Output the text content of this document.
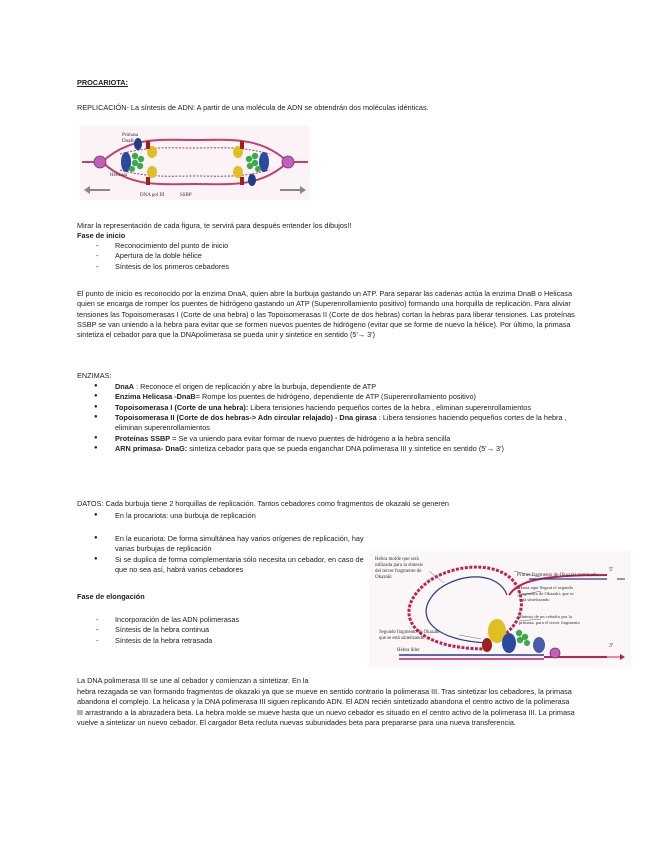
PROCARIOTA:
REPLICACIÓN- La síntesis de ADN: A partir de una molécula de ADN se obtendrán dos moléculas idénticas.
Primasa
DnaB
Helicasa
DNA pol III	SSBP
Mirar la representación de cada figura, te servirá para después entender los dibujos!!
Fase de inicio
- Reconocimiento del punto de inicio
- Apertura de la doble hélice
- Síntesis de los primeros cebadores

El punto de inicio es reconocido por la enzima DnaA, quien abre la burbuja gastando un ATP. Para separar las cadenas actúa la enzima DnaB o Helicasa quien se encarga de romper los puentes de hidrógeno gastando un ATP (Superenrollamiento positivo) formando una horquilla de replicación. Para aliviar tensiones las Topoisomerasas I (Corte de una hebra) o las Topoisomerasas II (Corte de dos hebras) cortan la hebras para liberar tensiones. Las proteínas SSBP se van uniendo a la hebra para evitar que se formen nuevos puentes de hidrógeno (evitar que se forme de nuevo la hélice). Por último, la primasa sintetiza el cebador para que la DNApolimerasa se pueda unir y sintetice en sentido (5'→ 3')

ENZIMAS:
● DnaA : Reconoce el origen de replicación y abre la burbuja, dependiente de ATP
● Enzima Helicasa -DnaB= Rompe los puentes de hidrógeno, dependiente de ATP (Superenrollamiento positivo)
● Topoisomerasa I (Corte de una hebra): Libera tensiones haciendo pequeños cortes de la hebra , eliminan superenrollamientos
● Topoisomerasa II (Corte de dos hebras-> Adn circular relajado) - Dna girasa : Libera tensiones haciendo pequeños cortes de la hebra , eliminan superenrollamientos
● Proteínas SSBP = Se va uniendo para evitar formar de nuevo puentes de hidrógeno a la hebra sencilla
● ARN primasa- DnaG: sintetiza cebador para que se pueda enganchar DNA polimerasa III y sintetice en sentido (5'→ 3')
DATOS: Cada burbuja tiene 2 horquillas de replicación. Tantos cebadores como fragmentos de okazaki se generen
● En la procariota: una burbuja de replicación
● En la eucariota: De forma simultánea hay varios orígenes de replicación, hay varias burbujas de replicación
● Si se duplica de forma complementaria sólo necesita un cebador, en caso de que no sea así, habrá varios cebadores
Fase de elongación
- Incorporación de las ADN polimerasas
- Síntesis de la hebra continua
- Síntesis de la hebra retrasada
Hebra molde que será
utilizada para la síntesis
del tercer fragmento de
Okazaki	Primer fragmento de Okazaki terminado
Hasta aquí llegará el segundo
fragmento de Okazaki, que se
está sintetizando
Síntesis de un cebador por la
primasa, para el tercer fragmento
Segundo fragmento de Okazaki
que se está sintetizando
Hebra líder
5'
3'
La DNA polimerasa III se une al cebador y comienzan a sintetizar. En la

hebra rezagada se van formando fragmentos de okazaki ya que se mueve en sentido contrario la polimerasa III. Tras sintetizar los cebadores, la primasa abandona el complejo. La helicasa y la DNA polimerasa III siguen replicando ADN. El ADN recién sintetizado abandona el centro activo de la polimerasa III arrastrando a la abrazadera beta. La hebra molde se mueve hasta que un nuevo cebador es situado en el centro activo de la polimerasa III. La primasa vuelve a sintetizar un nuevo cebador. El cargador Beta recluta nuevas subunidades beta para prepararse para una nueva transferencia.
